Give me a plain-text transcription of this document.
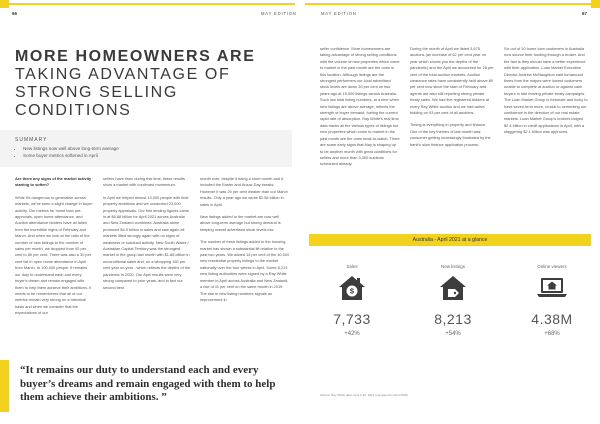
66	MAY EDITION
MORE HOMEOWNERS ARE
TAKING ADVANTAGE OF
STRONG SELLING CONDITIONS
SUMMARY
• New listings now well above long-term average
• Some buyer metrics softened in April

Are there any signs of the market activity starting to soften?

While it's dangerous to generalise across markets, we've seen a slight change in buyer activity. Our metrics for home loan pre-approvals, open home attendance, and Auction attendance bidders have all fallen from the incredible highs of February and March. And when we look at the ratio of the number of new listings to the number of sales per month, we dropped from 92 per cent to 80 per cent. There was also a 30 per cent fall in open home attendance in April from March, to 100,000 people. It remains our duty to understand each and every buyer's dream and remain engaged with them to help them achieve their ambitions. It needs to be remembered that all of our metrics remain very strong on a historical basis and when we consider that the expectations of our

sellers have risen during this time, these results show a market with continued momentum.

In April we helped almost 13,000 people with their property ambitions and we conducted 23,000 property appraisals. Our first lending figures came in at $6.88 billion for April 2021 across Australia and New Zealand combined. Australia alone produced $4.9 billion in sales and saw again all markets lifted strongly again with no signs of weakness or subdued activity. New South Wales / Australian Capital Territory was the strongest market in the group last month with $1.88 billion in unconditional sales and, on a whopping 160 per cent year on year - which reflects the depths of the pandemic in 2020. Our April results were very strong compared to prior years, and in fact our second best

month ever, despite it being a short month and it included the Easter and Anzac Day breaks. However it was 20 per cent weaker than our March results. Only a year ago we wrote $2.56 billion in sales in April.

New listings added to the market are now well above long-term average but strong demand is keeping overall advertised stock levels low.

The number of fresh listings added to the housing market has shown a substantial lift relative to the past two years. We added 14 per cent of the 40,000 new residential property listings to the market nationally over the four weeks in April. Some 8,213 new listing authorities were signed by a Ray White member in April across Australia and New Zealand, a rise of 11 per cent on the same month in 2019. The rise in new listing numbers signals an improvement in

“It remains our duty to understand each and every buyer’s dreams and remain engaged with them to help them achieve their ambitions. ”
MAY EDITION	67

seller confidence. More homeowners are taking advantage of strong selling conditions with the volume of new properties which come to market in the past month are the ones in this location. Although listings are the strongest performers our local advertised stock levels are down 30 per cent on two years ago at 15,000 listings across Australia. Such low total listing numbers, at a time when new listings are above average, reflects the strength of buyer demand, fueling the current rapid rate of absorption. Ray White's real time data tracks all the various types of listings but new properties which come to market in the past month are the ones most-to-watch. There are some early signs that May is shaping up to be another month with great conditions for sellers and more than 3,300 auctions scheduled already.

During the month of April we listed 3,675 auctions (an increase of 62 per cent year on year which shows you the depths of the pandemic) and the April we accounted for 28 per cent of the total auction markets. Auction clearance rates have consistently held above 80 per cent now since the start of February and agents are also still reporting strong private treaty sales. We had five registered bidders at every Ray White auction and we had active bidding on 93 per cent of all auctions.

Timing is everything in property and finance. One of the key themes of last month was consumer getting increasingly frustrated by the bank's slow finance application process.

Six out of 10 home loan customers in Australia now source their funding through a broker. And the fact is they should have a better experience with their application. Loan Market Executive Director Andrew McNaughton said turnaround times from the majors were lowest customers unable to complete at auction or against cash buyers in fast moving private treaty campaigns. The Loan Market Group is fortunate and lucky to have seven-term more, crucial to cementing our confidence in the direction of our real estate markets. Loan Market Group's brokers lodged $2.4 billion in credit applications in April, with a staggering $2.1 billion was approved.

Australia - April 2021 at a glance
Sales
$
7,733
+42%
New listings
8,213
+54%
Online viewers
4.38M
+68%
Source: Ray White data, April 1-30, 2021 (compared to April 2020)
